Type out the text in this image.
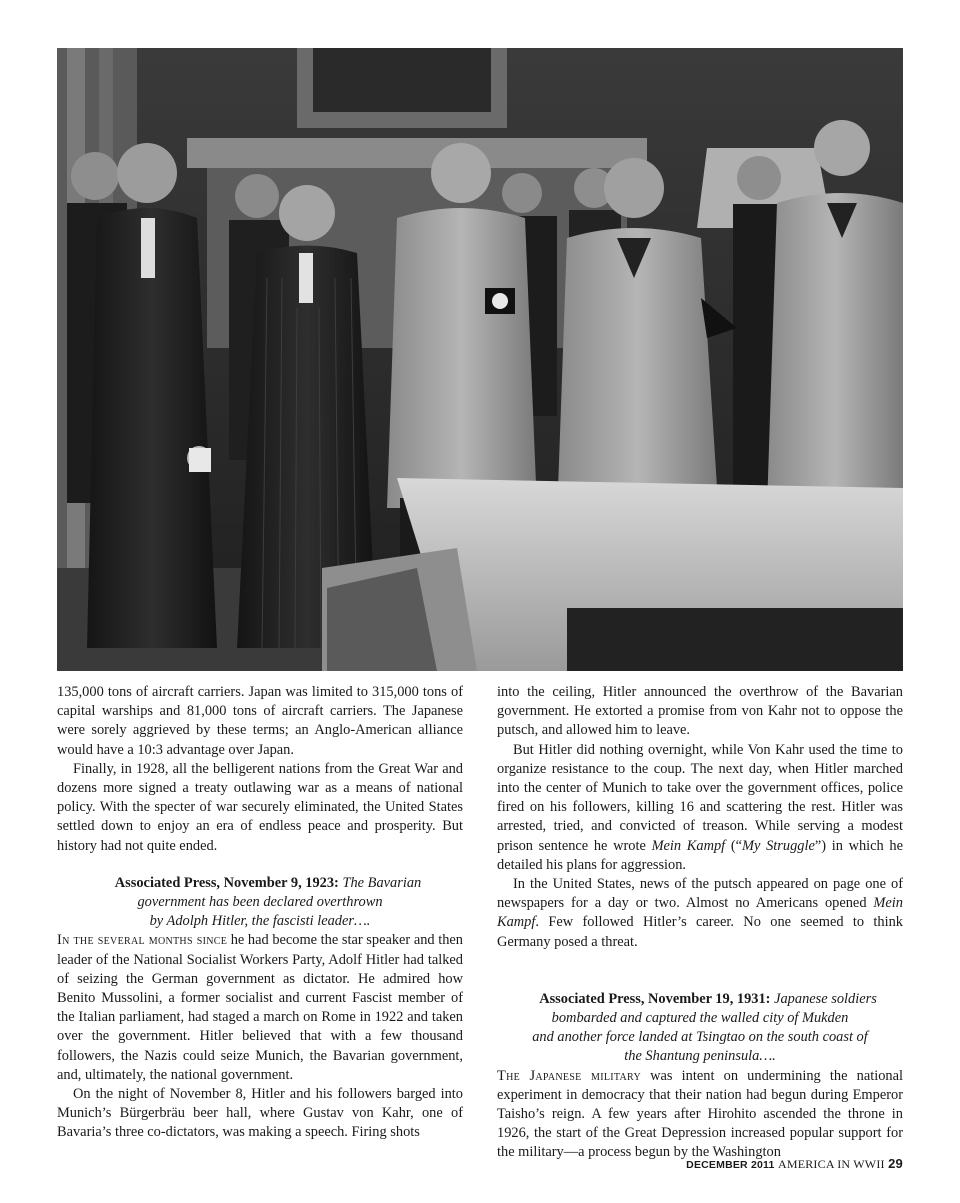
135,000 tons of aircraft carriers. Japan was limited to 315,000 tons of capital warships and 81,000 tons of aircraft carriers. The Japanese were sorely aggrieved by these terms; an Anglo-American alliance would have a 10:3 advantage over Japan.

Finally, in 1928, all the belligerent nations from the Great War and dozens more signed a treaty outlawing war as a means of national policy. With the specter of war securely eliminated, the United States settled down to enjoy an era of endless peace and prosperity. But history had not quite ended.

Associated Press, November 9, 1923: The Bavarian
government has been declared overthrown
by Adolph Hitler, the fascisti leader….

In the several months since he had become the star speaker and then leader of the National Socialist Workers Party, Adolf Hitler had talked of seizing the German government as dictator. He admired how Benito Mussolini, a former socialist and current Fascist member of the Italian parliament, had staged a march on Rome in 1922 and taken over the government. Hitler believed that with a few thousand followers, the Nazis could seize Munich, the Bavarian government, and, ultimately, the national government.

On the night of November 8, Hitler and his followers barged into Munich’s Bürgerbräu beer hall, where Gustav von Kahr, one of Bavaria’s three co-dictators, was making a speech. Firing shots

into the ceiling, Hitler announced the overthrow of the Bavarian government. He extorted a promise from von Kahr not to oppose the putsch, and allowed him to leave.

But Hitler did nothing overnight, while Von Kahr used the time to organize resistance to the coup. The next day, when Hitler marched into the center of Munich to take over the government offices, police fired on his followers, killing 16 and scattering the rest. Hitler was arrested, tried, and convicted of treason. While serving a modest prison sentence he wrote Mein Kampf (“My Struggle”) in which he detailed his plans for aggression.

In the United States, news of the putsch appeared on page one of newspapers for a day or two. Almost no Americans opened Mein Kampf. Few followed Hitler’s career. No one seemed to think Germany posed a threat.

Associated Press, November 19, 1931: Japanese soldiers
bombarded and captured the walled city of Mukden
and another force landed at Tsingtao on the south coast of
the Shantung peninsula….

The Japanese military was intent on undermining the national experiment in democracy that their nation had begun during Emperor Taisho’s reign. A few years after Hirohito ascended the throne in 1926, the start of the Great Depression increased popular support for the military—a process begun by the Washington

DECEMBER 2011 AMERICA IN WWII 29
